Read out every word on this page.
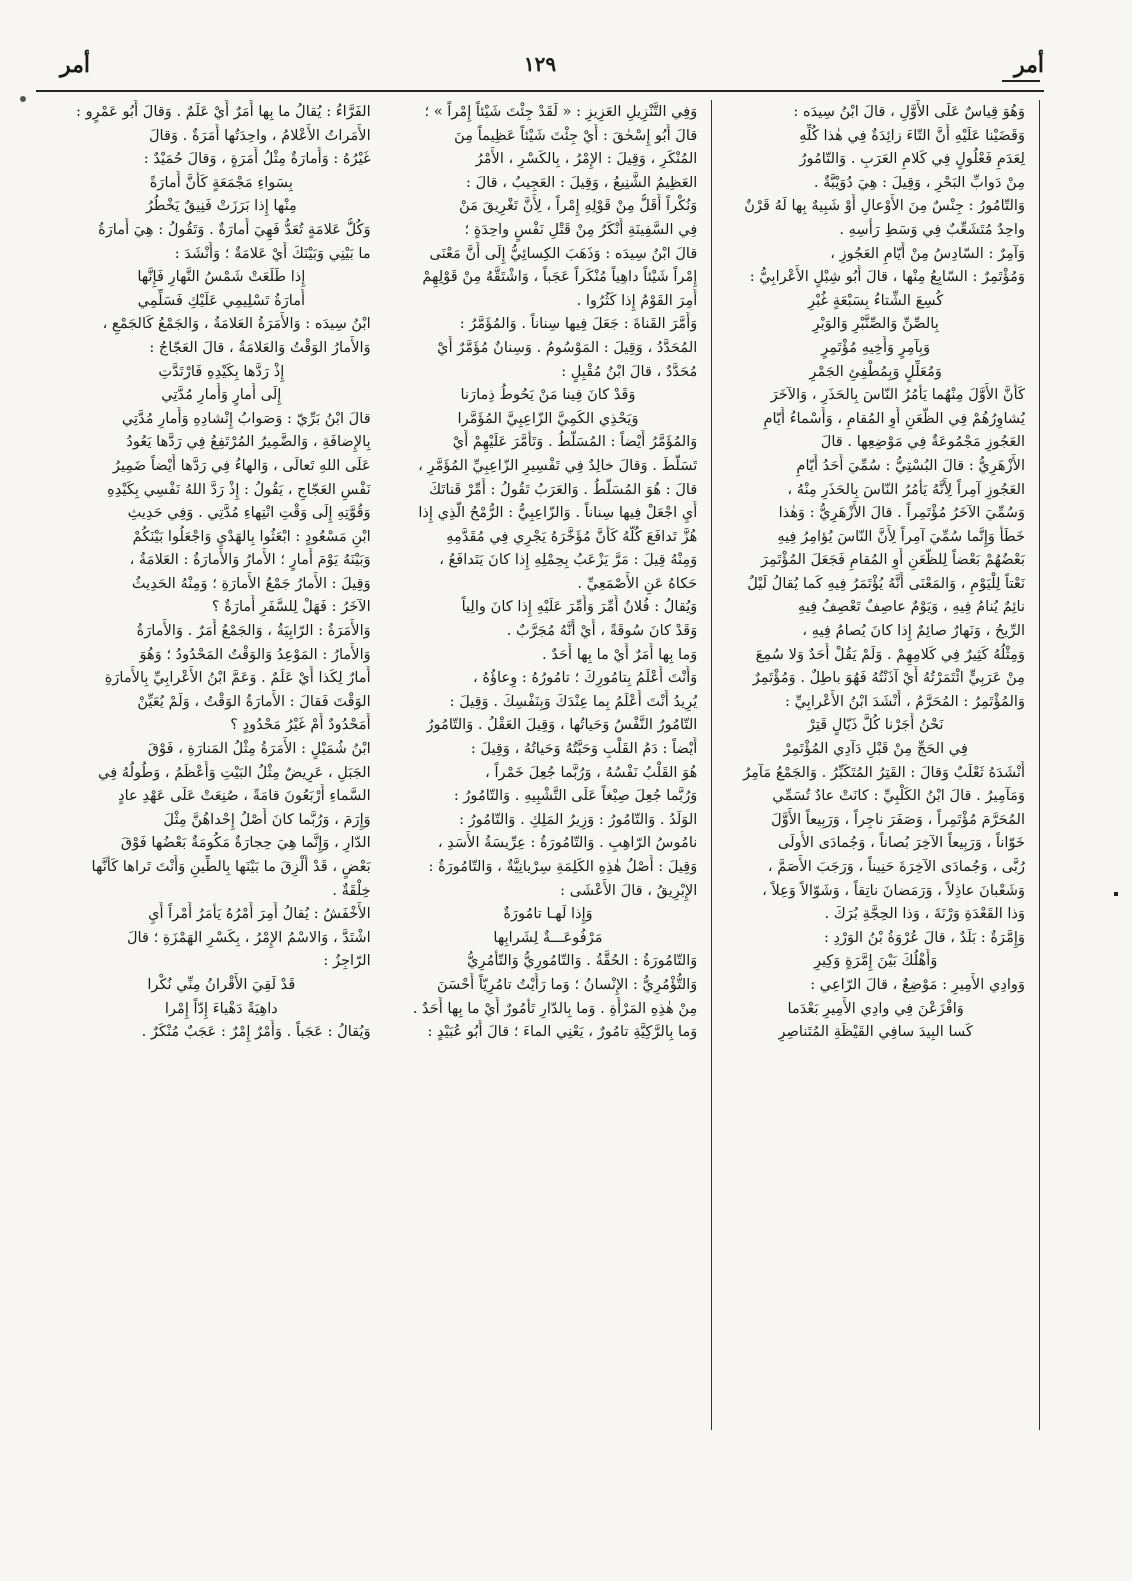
أمر
١٢٩
أمر
الفَرَّاءُ : يُقالُ ما بِها أَمَرٌ أَيْ عَلَمٌ . وَقالَ أَبُو عَمْرٍو :
الأَمَراتُ الأَعْلامُ ، واحِدَتُها أَمَرَةٌ . وَقالَ
غَيْرُهُ : وَأَمارَةٌ مِثْلُ أَمَرَةٍ ، وَقالَ حُمَيْدٌ :
بِسَواءِ مَجْمَعَةٍ كَأَنَّ أَمارَةً
مِنْها إِذا بَرَزَتْ فَنِيقٌ يَخْطُرُ
وَكُلُّ عَلامَةٍ تُعَدُّ فَهِيَ أَمارَةٌ . وَتَقُولُ : هِيَ أَمارَةُ
ما بَيْنِي وَبَيْنَكَ أَيْ عَلامَةٌ ؛ وَأَنْشَدَ :
إِذا طَلَعَتْ شَمْسُ النَّهارِ فَإِنَّها
أَمارَةُ تَسْلِيمِي عَلَيْكِ فَسَلِّمِي
ابْنُ سِيدَه : وَالأَمَرَةُ العَلامَةُ ، وَالجَمْعُ كَالجَمْعِ ،
وَالأَمارُ الوَقْتُ وَالعَلامَةُ ، قالَ العَجّاجُ :
إِذْ رَدَّها بِكَيْدِهِ فَارْتَدَّتِ
إِلَى أَمارٍ وَأَمارِ مُدَّتِي
قالَ ابْنُ بَرِّيّ : وَصَوابُ إِنْشادِهِ وَأَمارِ مُدَّتِي
بِالإِضافَةِ ، وَالضَّمِيرُ المُرْتَفِعُ فِي رَدَّها يَعُودُ
عَلَى اللهِ تَعالَى ، وَالهاءُ فِي رَدَّها أَيْضاً ضَمِيرُ
نَفْسِ العَجّاجِ ، يَقُولُ : إِذْ رَدَّ اللهُ نَفْسِي بِكَيْدِهِ
وَقُوَّتِهِ إِلَى وَقْتِ انْتِهاءِ مُدَّتِي . وَفِي حَدِيثِ
ابْنِ مَسْعُودٍ : ابْعَثُوا بِالهَدْيِ وَاجْعَلُوا بَيْنَكُمْ
وَبَيْنَهُ يَوْمَ أَمارٍ ؛ الأَمارُ وَالأَمارَةُ : العَلامَةُ ،
وَقِيلَ : الأَمارُ جَمْعُ الأَمارَةِ ؛ وَمِنْهُ الحَدِيثُ
الآخَرُ : فَهَلْ لِلسَّفَرِ أَمارَةٌ ؟
وَالأَمَرَةُ : الرّابِيَةُ ، وَالجَمْعُ أَمَرٌ . وَالأَمارَةُ
وَالأَمارُ : المَوْعِدُ وَالوَقْتُ المَحْدُودُ ؛ وَهُوَ
أَمارٌ لِكَذا أَيْ عَلَمٌ . وَعَمَّ ابْنُ الأَعْرابِيِّ بِالأَمارَةِ
الوَقْتَ فَقالَ : الأَمارَةُ الوَقْتُ ، وَلَمْ يُعَيِّنْ
أَمَحْدُودٌ أَمْ غَيْرُ مَحْدُودٍ ؟
ابْنُ شُمَيْلٍ : الأَمَرَةُ مِثْلُ المَنارَةِ ، فَوْقَ
الجَبَلِ ، عَرِيضٌ مِثْلُ البَيْتِ وَأَعْظَمُ ، وَطُولُهُ فِي
السَّماءِ أَرْبَعُونَ قامَةً ، صُنِعَتْ عَلَى عَهْدِ عادٍ
وَإِرَمَ ، وَرُبَّما كانَ أَصْلُ إِحْداهُنَّ مِثْلَ
الدّارِ ، وَإِنَّما هِيَ حِجارَةٌ مَكُومَةٌ بَعْضُها فَوْقَ
بَعْضٍ ، قَدْ أُلْزِقَ ما بَيْنَها بِالطِّينِ وَأَنْتَ تَراها كَأَنَّها
خِلْقَةٌ .
الأَخْفَشُ : يُقالُ أَمِرَ أَمْرُهُ يَأْمَرُ أَمْراً أَيِ
اشْتَدَّ ، وَالاسْمُ الإِمْرُ ، بِكَسْرِ الهَمْزَةِ ؛ قالَ
الرّاجِزُ :
قَدْ لَقِيَ الأَقْرانُ مِنِّي نُكْرا
داهِيَةً دَهْياءَ إِدّاً إِمْرا
وَيُقالُ : عَجَباً . وَأَمْرٌ إِمْرٌ : عَجَبٌ مُنْكَرٌ .
وَفِي التَّنْزِيلِ العَزِيزِ : « لَقَدْ جِئْتَ شَيْئاً إِمْراً » ؛
قالَ أَبُو إِسْحٰقَ : أَيْ جِئْتَ شَيْئاً عَظِيماً مِنَ
المُنْكَرِ ، وَقِيلَ : الإِمْرُ ، بِالكَسْرِ ، الأَمْرُ
العَظِيمُ الشَّنِيعُ ، وَقِيلَ : العَجِيبُ ، قالَ :
وَنُكْراً أَقَلُّ مِنْ قَوْلِهِ إِمْراً ، لِأَنَّ تَغْرِيقَ مَنْ
فِي السَّفِينَةِ أَنْكَرُ مِنْ قَتْلِ نَفْسٍ واحِدَةٍ ؛
قالَ ابْنُ سِيدَه : وَذَهَبَ الكِسائِيُّ إِلَى أَنَّ مَعْنَى
إِمْراً شَيْئاً داهِياً مُنْكَراً عَجَباً ، وَاشْتَقَّهُ مِنْ قَوْلِهِمْ
أَمِرَ القَوْمُ إِذا كَثُرُوا .
وَأَمَّرَ القَناةَ : جَعَلَ فِيها سِناناً . وَالمُؤَمَّرُ :
المُحَدَّدُ ، وَقِيلَ : المَوْسُومُ . وَسِنانٌ مُؤَمَّرٌ أَيْ
مُحَدَّدٌ ، قالَ ابْنُ مُقْبِلٍ :
وَقَدْ كانَ فِينا مَنْ يَحُوطُ ذِمارَنا
وَيَحْذِي الكَمِيَّ الزّاعِبِيَّ المُؤَمَّرا
وَالمُؤَمَّرُ أَيْضاً : المُسَلَّطُ . وَتَأَمَّرَ عَلَيْهِمْ أَيْ
تَسَلَّطَ . وَقالَ خالِدٌ فِي تَفْسِيرِ الزّاعِبِيِّ المُؤَمَّرِ ،
قالَ : هُوَ المُسَلَّطُ . وَالعَرَبُ تَقُولُ : أَمِّرْ قَناتَكَ
أَيِ اجْعَلْ فِيها سِناناً . وَالزّاعِبِيُّ : الرُّمْحُ الَّذِي إِذا
هُزَّ تَدافَعَ كُلُّهُ كَأَنَّ مُؤَخَّرَهُ يَجْرِي فِي مُقَدَّمِهِ
وَمِنْهُ قِيلَ : مَرَّ يَزْعَبُ بِحِمْلِهِ إِذا كانَ يَتَدافَعُ ،
حَكاهُ عَنِ الأَصْمَعِيِّ .
وَيُقالُ : فُلانٌ أُمِّرَ وَأُمِّرَ عَلَيْهِ إِذا كانَ والِياً
وَقَدْ كانَ سُوقَةً ، أَيْ أَنَّهُ مُجَرَّبٌ .
وَما بِها أَمَرٌ أَيْ ما بِها أَحَدٌ .
وَأَنْتَ أَعْلَمُ بِتامُورِكَ ؛ تامُورُهُ : وِعاؤُهُ ،
يُرِيدُ أَنْتَ أَعْلَمُ بِما عِنْدَكَ وَبِنَفْسِكَ . وَقِيلَ :
التّامُورُ النَّفْسُ وَحَياتُها ، وَقِيلَ العَقْلُ . وَالتّامُورُ
أَيْضاً : دَمُ القَلْبِ وَحَبَّتُهُ وَحَياتُهُ ، وَقِيلَ :
هُوَ القَلْبُ نَفْسُهُ ، وَرُبَّما جُعِلَ خَمْراً ،
وَرُبَّما جُعِلَ صِبْغاً عَلَى التَّشْبِيهِ . وَالتّامُورُ :
الوَلَدُ . وَالتّامُورُ : وَزِيرُ المَلِكِ . وَالتّامُورُ :
نامُوسُ الرّاهِبِ . وَالتّامُورَةُ : عِرِّيسَةُ الأَسَدِ ،
وَقِيلَ : أَصْلُ هٰذِهِ الكَلِمَةِ سِرْيانِيَّةٌ ، وَالتّامُورَةُ :
الإِبْرِيقُ ، قالَ الأَعْشَى :
وَإِذا لَهـا تامُورَةٌ
مَرْفُوعَـــةٌ لِشَرابِها
وَالتّامُورَةُ : الحُقَّةُ . وَالتّامُورِيُّ وَالتّأْمُرِيُّ
وَالتُّؤْمُرِيُّ : الإِنْسانُ ؛ وَما رَأَيْتُ تامُرِيّاً أَحْسَنَ
مِنْ هٰذِهِ المَرْأَةِ . وَما بِالدّارِ تَأْمُورٌ أَيْ ما بِها أَحَدٌ .
وَما بِالرَّكِيَّةِ تامُورٌ ، يَعْنِي الماءَ ؛ قالَ أَبُو عُبَيْدٍ :
وَهُوَ قِياسٌ عَلَى الأَوَّلِ ، قالَ ابْنُ سِيدَه :
وَقَضَيْنا عَلَيْهِ أَنَّ التّاءَ زائِدَةٌ فِي هٰذا كُلِّهِ
لِعَدَمِ فَعْلُولٍ فِي كَلامِ العَرَبِ . وَالتّامُورُ
مِنْ دَوابِّ البَحْرِ ، وَقِيلَ : هِيَ دُوَيْبَّةٌ .
وَالتّامُورُ : جِنْسٌ مِنَ الأَوْعالِ أَوْ شَبِيهٌ بِها لَهُ قَرْنٌ
واحِدٌ مُتَشَعِّبٌ فِي وَسَطِ رَأْسِهِ .
وَآمِرٌ : السّادِسُ مِنْ أَيّامِ العَجُوزِ ،
وَمُؤْتَمِرٌ : السّابِعُ مِنْها ، قالَ أَبُو شِبْلٍ الأَعْرابِيُّ :
كُسِعَ الشِّتاءُ بِسَبْعَةٍ غُبْرِ
بِالصِّنِّ وَالصِّنَّبْرِ وَالوَبْرِ
وَبِآمِرٍ وَأَخِيهِ مُؤْتَمِرٍ
وَمُعَلِّلٍ وَبِمُطْفِئِ الجَمْرِ
كَأَنَّ الأَوَّلَ مِنْهُما يَأْمُرُ النّاسَ بِالحَذَرِ ، وَالآخَرَ
يُشاوِرُهُمْ فِي الظَّعَنِ أَوِ المُقامِ ، وَأَسْماءُ أَيّامِ
العَجُوزِ مَجْمُوعَةٌ فِي مَوْضِعِها . قالَ
الأَزْهَرِيُّ : قالَ البُسْتِيُّ : سُمِّيَ أَحَدُ أَيّامِ
العَجُوزِ آمِراً لِأَنَّهُ يَأْمُرُ النّاسَ بِالحَذَرِ مِنْهُ ،
وَسُمِّيَ الآخَرُ مُؤْتَمِراً . قالَ الأَزْهَرِيُّ : وَهٰذا
خَطَأٌ وَإِنَّما سُمِّيَ آمِراً لِأَنَّ النّاسَ يُؤامِرُ فِيهِ
بَعْضُهُمْ بَعْضاً لِلظَّعَنِ أَوِ المُقامِ فَجَعَلَ المُؤْتَمِرَ
نَعْتاً لِلْيَوْمِ ، وَالمَعْنَى أَنَّهُ يُؤْتَمَرُ فِيهِ كَما يُقالُ لَيْلٌ
نائِمٌ يُنامُ فِيهِ ، وَيَوْمٌ عاصِفٌ تَعْصِفُ فِيهِ
الرِّيحُ ، وَنَهارٌ صائِمٌ إِذا كانَ يُصامُ فِيهِ ،
وَمِثْلُهُ كَثِيرٌ فِي كَلامِهِمْ . وَلَمْ يَقُلْ أَحَدٌ وَلا سُمِعَ
مِنْ عَرَبِيٍّ ائْتَمَرْتُهُ أَيْ آذَنْتُهُ فَهُوَ باطِلٌ . وَمُؤْتَمِرٌ
وَالمُؤْتَمِرُ : المُحَرَّمُ ، أَنْشَدَ ابْنُ الأَعْرابِيِّ :
نَحْنُ أَجَرْنا كُلَّ ذَيّالٍ قَتِرْ
فِي الحَجِّ مِنْ قَبْلِ دَآدِي المُؤْتَمِرْ
أَنْشَدَهُ ثَعْلَبٌ وَقالَ : القَتِرُ المُتَكَبِّرُ . وَالجَمْعُ مَآمِرُ
وَمَآمِيرُ . قالَ ابْنُ الكَلْبِيِّ : كانَتْ عادٌ تُسَمِّي
المُحَرَّمَ مُؤْتَمِراً ، وَصَفَرَ ناجِراً ، وَرَبِيعاً الأَوَّلَ
خَوّاناً ، وَرَبِيعاً الآخِرَ بُصاناً ، وَجُمادَى الأُولَى
رُبَّى ، وَجُمادَى الآخِرَةَ حَنِيناً ، وَرَجَبَ الأَصَمَّ ،
وَشَعْبانَ عاذِلاً ، وَرَمَضانَ ناتِقاً ، وَشَوّالاً وَعِلاً ،
وَذا القَعْدَةِ وَرْنَةَ ، وَذا الحِجَّةِ بُرَكَ .
وَإِمَّرَةٌ : بَلَدٌ ، قالَ عُرْوَةُ بْنُ الوَرْدِ :
وَأَهْلُكَ بَيْنَ إِمَّرَةٍ وَكِيرِ
وَوادِي الأَمِيرِ : مَوْضِعٌ ، قالَ الرّاعِي :
وَافْزَعْنَ فِي وادِي الأَمِيرِ بَعْدَما
كَسا البِيدَ سافِي القَيْظَةِ المُتَناصِرِ
